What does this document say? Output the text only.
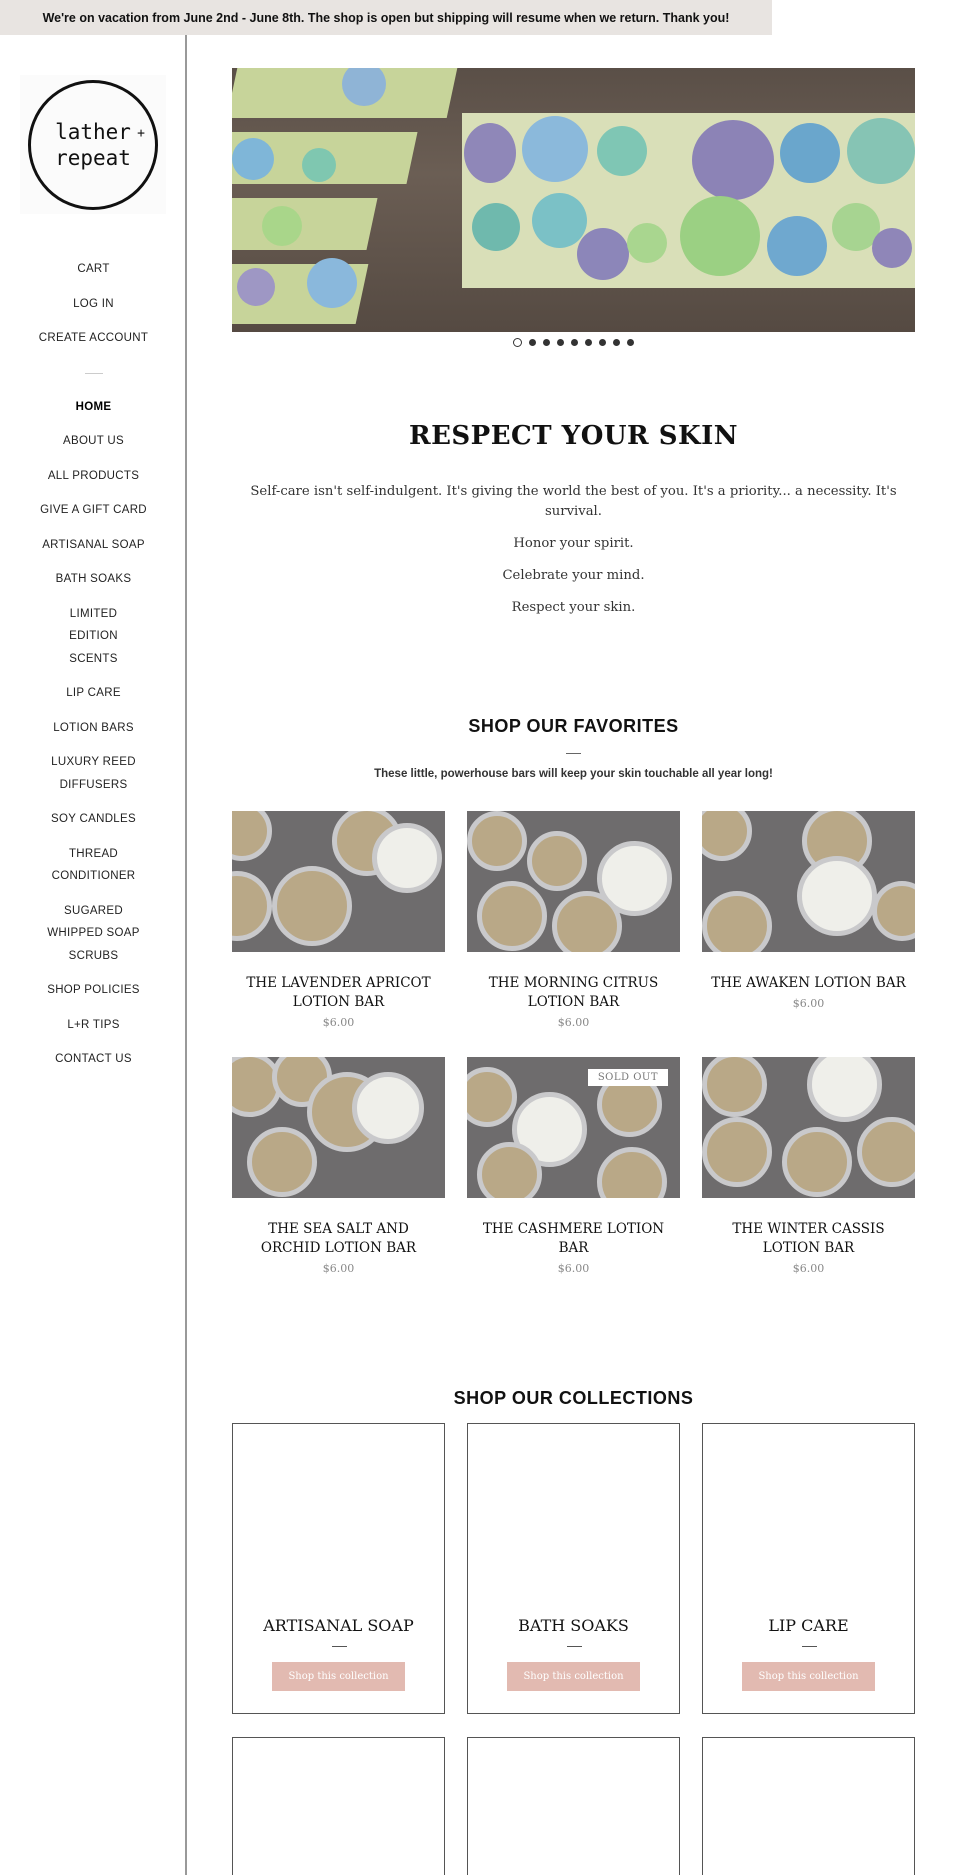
We're on vacation from June 2nd - June 8th. The shop is open but shipping will resume when we return. Thank you!
lather
repeat
+
CART
LOG IN
CREATE ACCOUNT
HOME
ABOUT US
ALL PRODUCTS
GIVE A GIFT CARD
ARTISANAL SOAP
BATH SOAKS
LIMITED EDITION SCENTS
LIP CARE
LOTION BARS
LUXURY REED DIFFUSERS
SOY CANDLES
THREAD CONDITIONER
SUGARED WHIPPED SOAP SCRUBS
SHOP POLICIES
L+R TIPS
CONTACT US
RESPECT YOUR SKIN

Self-care isn't self-indulgent. It's giving the world the best of you. It's a priority... a necessity. It's survival.

Honor your spirit.

Celebrate your mind.

Respect your skin.

SHOP OUR FAVORITES

These little, powerhouse bars will keep your skin touchable all year long!

THE LAVENDER APRICOT LOTION BAR
$6.00
THE MORNING CITRUS LOTION BAR
$6.00
THE AWAKEN LOTION BAR
$6.00
THE SEA SALT AND ORCHID LOTION BAR
$6.00
SOLD OUT
THE CASHMERE LOTION BAR
$6.00
THE WINTER CASSIS LOTION BAR
$6.00
SHOP OUR COLLECTIONS
ARTISANAL SOAP
Shop this collection
BATH SOAKS
Shop this collection
LIP CARE
Shop this collection
